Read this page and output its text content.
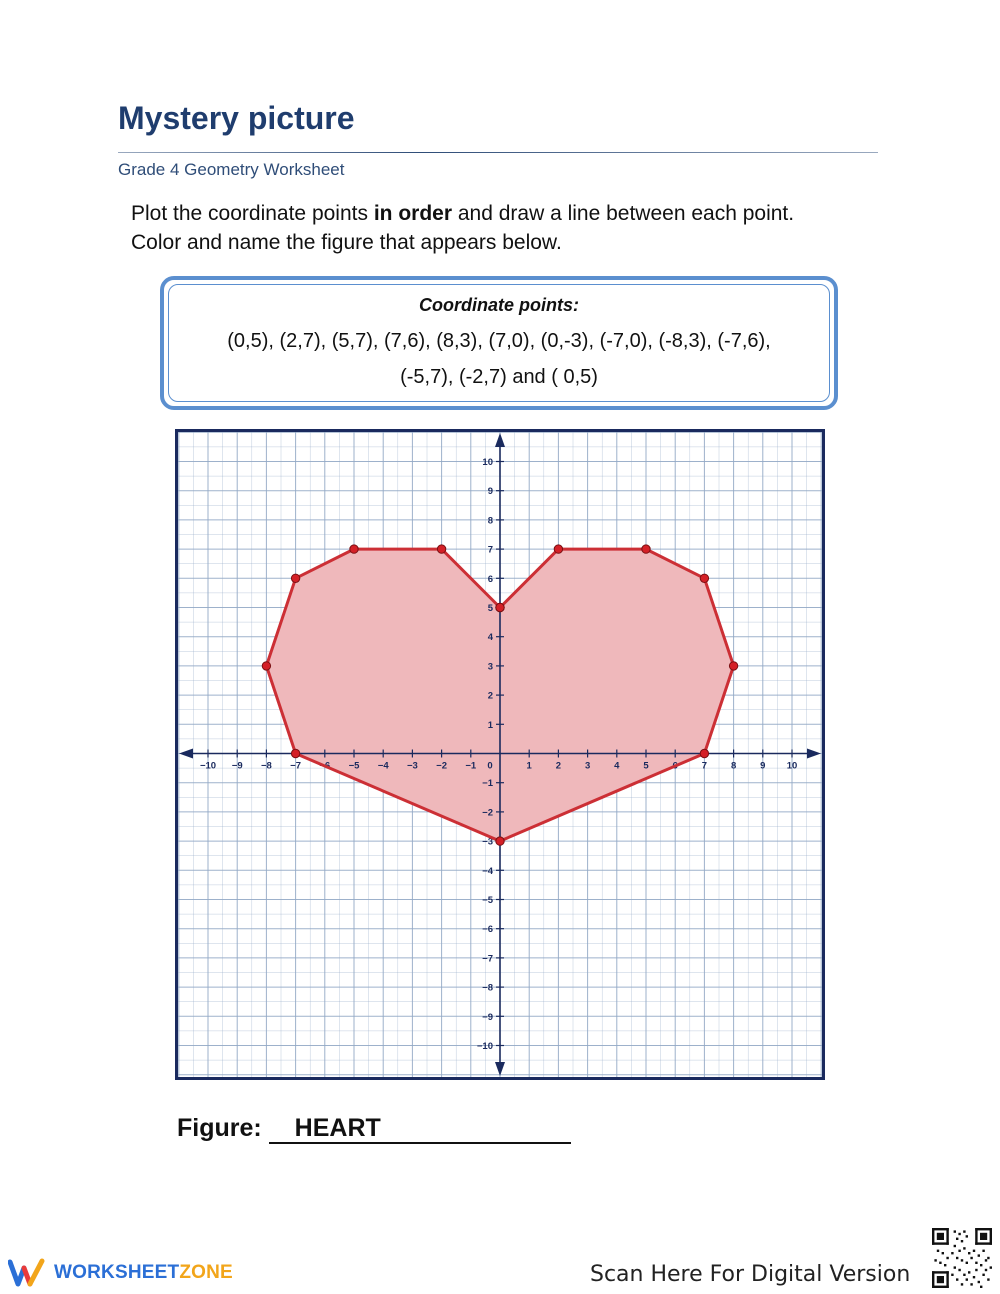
Mystery picture
Grade 4 Geometry Worksheet
Plot the coordinate points in order and draw a line between each point.
Color and name the figure that appears below.
Coordinate points:
(0,5), (2,7), (5,7), (7,6), (8,3), (7,0), (0,-3), (-7,0), (-8,3), (-7,6),
(-5,7), (-2,7) and ( 0,5)
−10 −9 −8 −7 −6 −5 −4 −3 −2 −1 0	1	2	3	4	5	6	7	8	9 10
−10
−9
−8
−7
−6
−5
−4
−3
−2
−1
1
2
3
4
5
6
7
8
9
10
Figure: HEART
WORKSHEETZONE	Scan Here For Digital Version
